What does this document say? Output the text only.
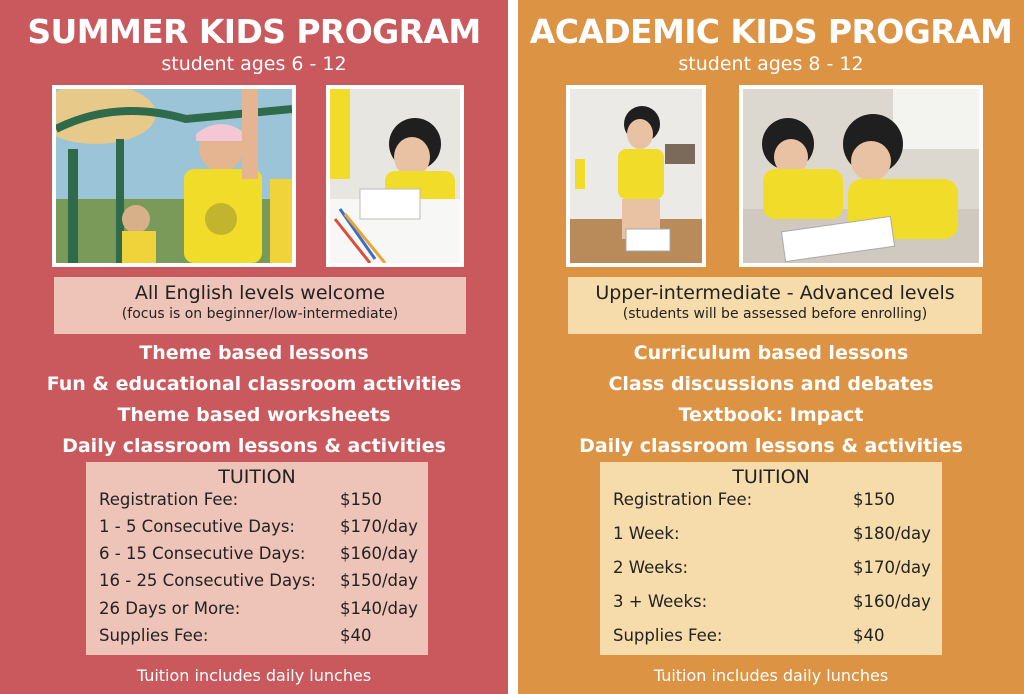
SUMMER KIDS PROGRAM
student ages 6 - 12
All English levels welcome
(focus is on beginner/low-intermediate)
Theme based lessons
Fun & educational classroom activities
Theme based worksheets
Daily classroom lessons & activities
TUITION
Registration Fee:	$150
1 - 5 Consecutive Days:	$170/day
6 - 15 Consecutive Days: $160/day
16 - 25 Consecutive Days: $150/day
26 Days or More:	$140/day
Supplies Fee:	$40
Tuition includes daily lunches
ACADEMIC KIDS PROGRAM
student ages 8 - 12
Upper-intermediate - Advanced levels
(students will be assessed before enrolling)
Curriculum based lessons
Class discussions and debates
Textbook: Impact
Daily classroom lessons & activities
TUITION
Registration Fee:	$150
1 Week:	$180/day
2 Weeks:	$170/day
3 + Weeks:	$160/day
Supplies Fee:	$40
Tuition includes daily lunches
